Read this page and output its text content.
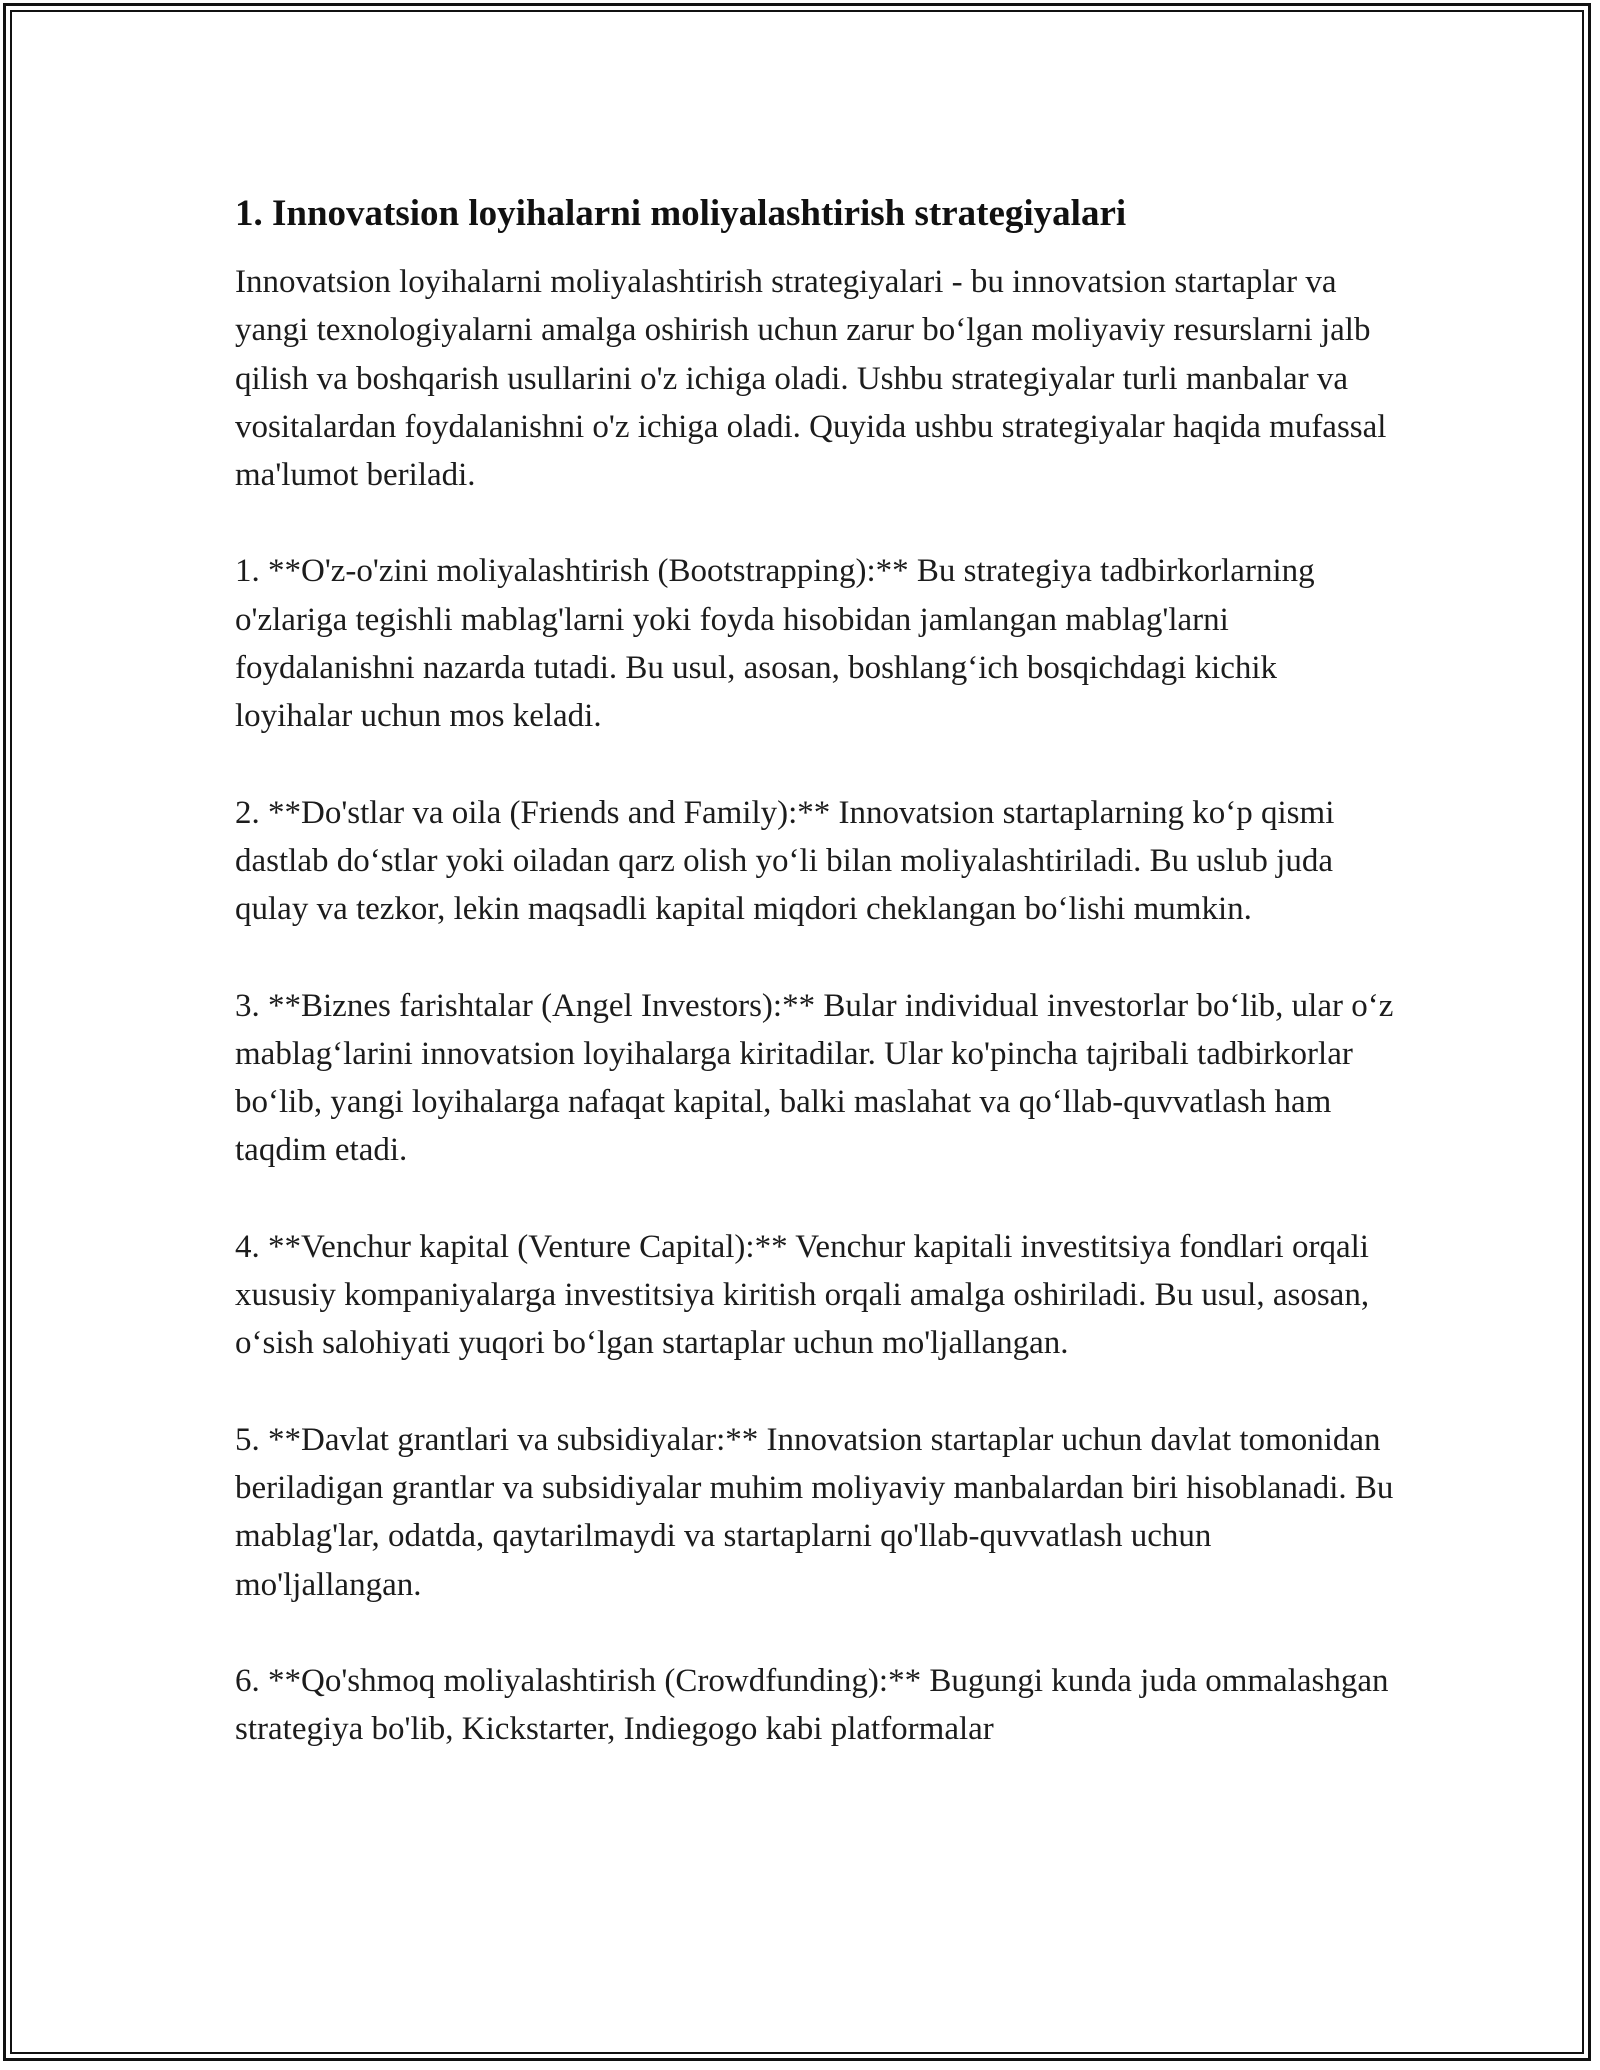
1. Innovatsion loyihalarni moliyalashtirish strategiyalari

Innovatsion loyihalarni moliyalashtirish strategiyalari - bu innovatsion startaplar va yangi texnologiyalarni amalga oshirish uchun zarur bo‘lgan moliyaviy resurslarni jalb qilish va boshqarish usullarini o'z ichiga oladi. Ushbu strategiyalar turli manbalar va vositalardan foydalanishni o'z ichiga oladi. Quyida ushbu strategiyalar haqida mufassal ma'lumot beriladi.

1. **O'z-o'zini moliyalashtirish (Bootstrapping):** Bu strategiya tadbirkorlarning o'zlariga tegishli mablag'larni yoki foyda hisobidan jamlangan mablag'larni foydalanishni nazarda tutadi. Bu usul, asosan, boshlang‘ich bosqichdagi kichik loyihalar uchun mos keladi.

2. **Do'stlar va oila (Friends and Family):** Innovatsion startaplarning ko‘p qismi dastlab do‘stlar yoki oiladan qarz olish yo‘li bilan moliyalashtiriladi. Bu uslub juda qulay va tezkor, lekin maqsadli kapital miqdori cheklangan bo‘lishi mumkin.

3. **Biznes farishtalar (Angel Investors):** Bular individual investorlar bo‘lib, ular o‘z mablag‘larini innovatsion loyihalarga kiritadilar. Ular ko'pincha tajribali tadbirkorlar bo‘lib, yangi loyihalarga nafaqat kapital, balki maslahat va qo‘llab-quvvatlash ham taqdim etadi.

4. **Venchur kapital (Venture Capital):** Venchur kapitali investitsiya fondlari orqali xususiy kompaniyalarga investitsiya kiritish orqali amalga oshiriladi. Bu usul, asosan, o‘sish salohiyati yuqori bo‘lgan startaplar uchun mo'ljallangan.

5. **Davlat grantlari va subsidiyalar:** Innovatsion startaplar uchun davlat tomonidan beriladigan grantlar va subsidiyalar muhim moliyaviy manbalardan biri hisoblanadi. Bu mablag'lar, odatda, qaytarilmaydi va startaplarni qo'llab-quvvatlash uchun mo'ljallangan.

6. **Qo'shmoq moliyalashtirish (Crowdfunding):** Bugungi kunda juda ommalashgan strategiya bo'lib, Kickstarter, Indiegogo kabi platformalar
